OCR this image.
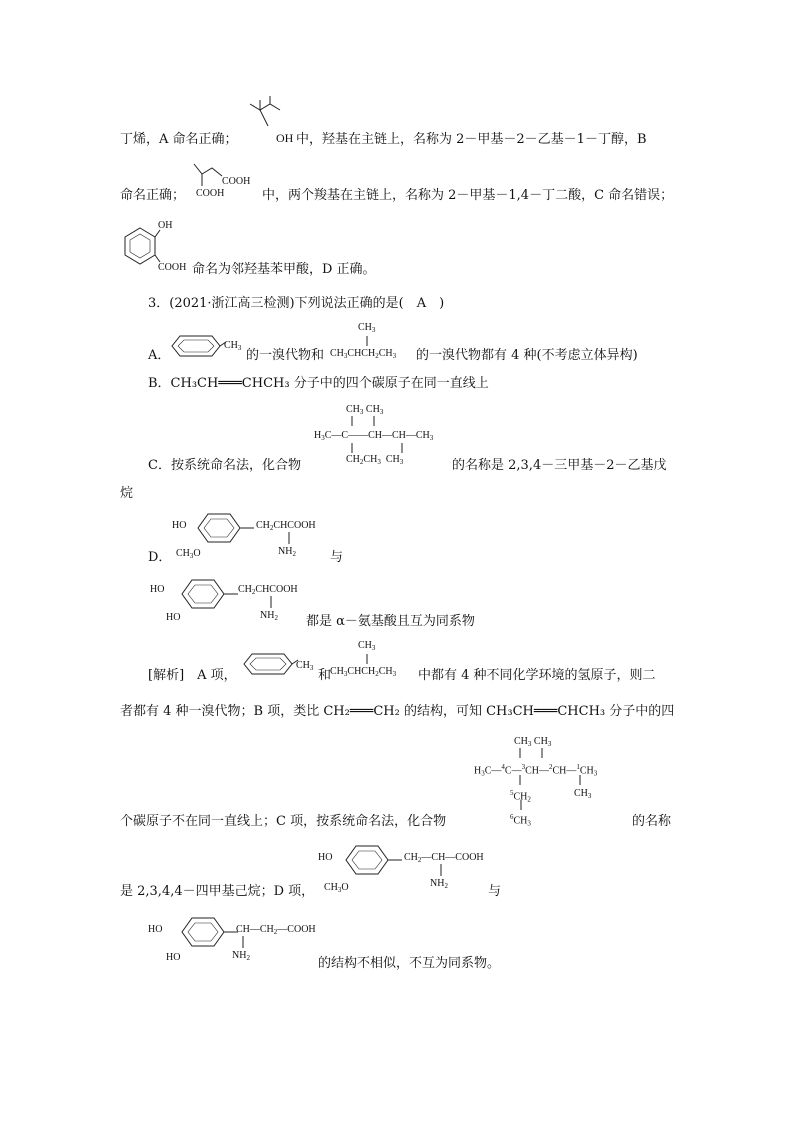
丁烯，A 命名正确；	OH 中，羟基在主链上，名称为 2－甲基－2－乙基－1－丁醇，B
COOH
COOH
命名正确；	中，两个羧基在主链上，名称为 2－甲基－1,4－丁二酸，C 命名错误；
OH
COOH 命名为邻羟基苯甲酸，D 正确。
3．(2021·浙江高三检测)下列说法正确的是(　A　)
A．
$CH_3$ 的一溴代物和
$CH_3$
$CH_3CHCH_2CH_3$ 的一溴代物都有 4 种(不考虑立体异构)
B．CH₃CH═══CHCH₃ 分子中的四个碳原子在同一直线上
$CH_3$ $CH_3$
$H_3C—C——CH—CH—CH_3$
$CH_2CH_3$  $CH_3$
C．按系统命名法，化合物	的名称是 2,3,4－三甲基－2－乙基戊
烷
HO	$CH_2CHCOOH$
$NH_2$
$CH_3O$
D．	与
HO	$CH_2CHCOOH$
$NH_2$
HO	都是 α－氨基酸且互为同系物
[解析]　A 项，
$CH_3$ 和
$CH_3$
$CH_3CHCH_2CH_3$ 中都有 4 种不同化学环境的氢原子，则二
者都有 4 种一溴代物；B 项，类比 CH₂═══CH₂ 的结构，可知 CH₃CH═══CHCH₃ 分子中的四
$CH_3$ $CH_3$
$H_3C—^4C—^3CH—^2CH—^1CH_3$
$^5CH_2$
$CH_3$
$^6CH_3$
个碳原子不在同一直线上；C 项，按系统命名法，化合物	的名称
HO	$CH_2—CH—COOH$
$NH_2$
$CH_3O$
是 2,3,4,4－四甲基己烷；D 项，	与
HO	$CH—CH_2—COOH$
$NH_2$
HO	的结构不相似，不互为同系物。
